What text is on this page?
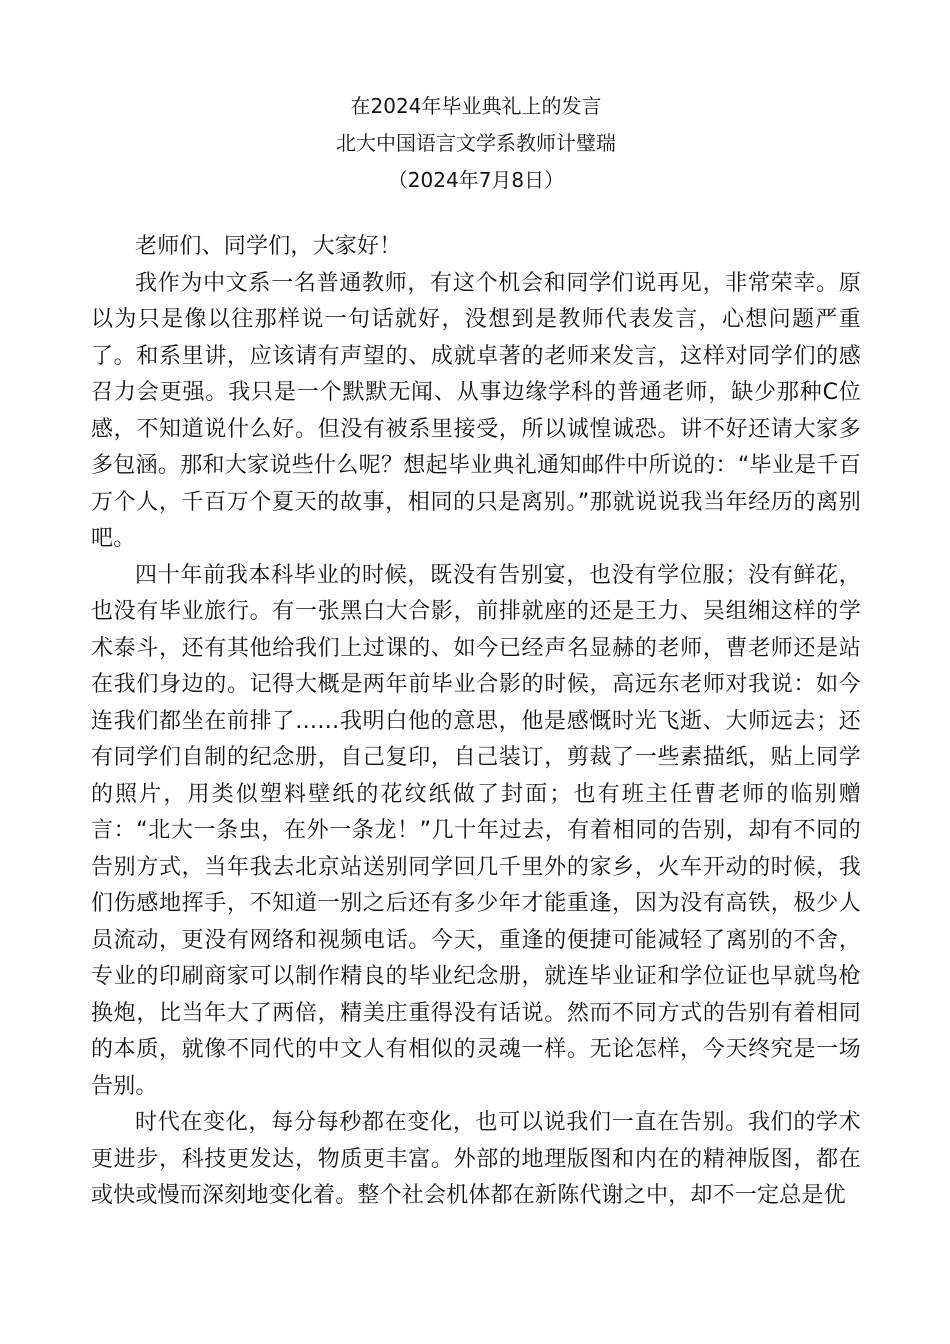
在2024年毕业典礼上的发言
北大中国语言文学系教师计璧瑞
（2024年7月8日）

老师们、同学们，大家好！

我作为中文系一名普通教师，有这个机会和同学们说再见，非常荣幸。原以为只是像以往那样说一句话就好，没想到是教师代表发言，心想问题严重了。和系里讲，应该请有声望的、成就卓著的老师来发言，这样对同学们的感召力会更强。我只是一个默默无闻、从事边缘学科的普通老师，缺少那种C位感，不知道说什么好。但没有被系里接受，所以诚惶诚恐。讲不好还请大家多多包涵。那和大家说些什么呢？想起毕业典礼通知邮件中所说的：“毕业是千百万个人，千百万个夏天的故事，相同的只是离别。”那就说说我当年经历的离别吧。

四十年前我本科毕业的时候，既没有告别宴，也没有学位服；没有鲜花，也没有毕业旅行。有一张黑白大合影，前排就座的还是王力、吴组缃这样的学术泰斗，还有其他给我们上过课的、如今已经声名显赫的老师，曹老师还是站在我们身边的。记得大概是两年前毕业合影的时候，高远东老师对我说：如今连我们都坐在前排了……我明白他的意思，他是感慨时光飞逝、大师远去；还有同学们自制的纪念册，自己复印，自己装订，剪裁了一些素描纸，贴上同学的照片，用类似塑料壁纸的花纹纸做了封面；也有班主任曹老师的临别赠言：“北大一条虫，在外一条龙！”几十年过去，有着相同的告别，却有不同的告别方式，当年我去北京站送别同学回几千里外的家乡，火车开动的时候，我们伤感地挥手，不知道一别之后还有多少年才能重逢，因为没有高铁，极少人员流动，更没有网络和视频电话。今天，重逢的便捷可能减轻了离别的不舍，专业的印刷商家可以制作精良的毕业纪念册，就连毕业证和学位证也早就鸟枪换炮，比当年大了两倍，精美庄重得没有话说。然而不同方式的告别有着相同的本质，就像不同代的中文人有相似的灵魂一样。无论怎样，今天终究是一场告别。

时代在变化，每分每秒都在变化，也可以说我们一直在告别。我们的学术更进步，科技更发达，物质更丰富。外部的地理版图和内在的精神版图，都在或快或慢而深刻地变化着。整个社会机体都在新陈代谢之中，却不一定总是优
